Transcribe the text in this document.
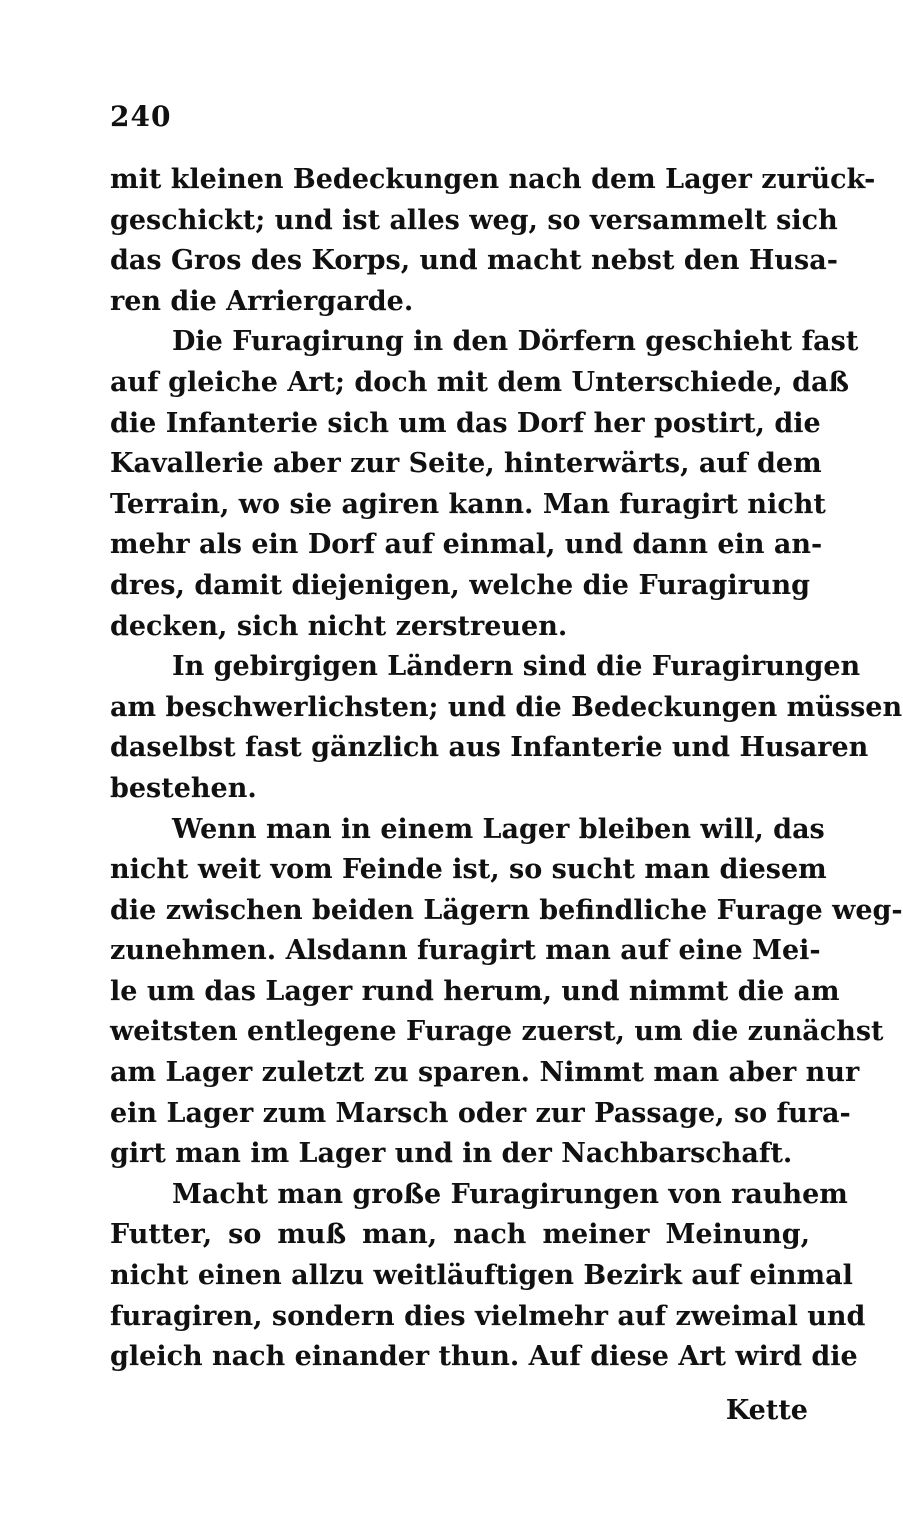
240
mit kleinen Bedeckungen nach dem Lager zurück-
geschickt; und ist alles weg, so versammelt sich
das Gros des Korps, und macht nebst den Husa-
ren die Arriergarde.
Die Furagirung in den Dörfern geschieht fast
auf gleiche Art; doch mit dem Unterschiede, daß
die Infanterie sich um das Dorf her postirt, die
Kavallerie aber zur Seite, hinterwärts, auf dem
Terrain, wo sie agiren kann. Man furagirt nicht
mehr als ein Dorf auf einmal, und dann ein an-
dres, damit diejenigen, welche die Furagirung
decken, sich nicht zerstreuen.
In gebirgigen Ländern sind die Furagirungen
am beschwerlichsten; und die Bedeckungen müssen
daselbst fast gänzlich aus Infanterie und Husaren
bestehen.
Wenn man in einem Lager bleiben will, das
nicht weit vom Feinde ist, so sucht man diesem
die zwischen beiden Lägern befindliche Furage weg-
zunehmen. Alsdann furagirt man auf eine Mei-
le um das Lager rund herum, und nimmt die am
weitsten entlegene Furage zuerst, um die zunächst
am Lager zuletzt zu sparen. Nimmt man aber nur
ein Lager zum Marsch oder zur Passage, so fura-
girt man im Lager und in der Nachbarschaft.
Macht man große Furagirungen von rauhem
Futter, so muß man, nach meiner Meinung,
nicht einen allzu weitläuftigen Bezirk auf einmal
furagiren, sondern dies vielmehr auf zweimal und
gleich nach einander thun. Auf diese Art wird die
Kette
